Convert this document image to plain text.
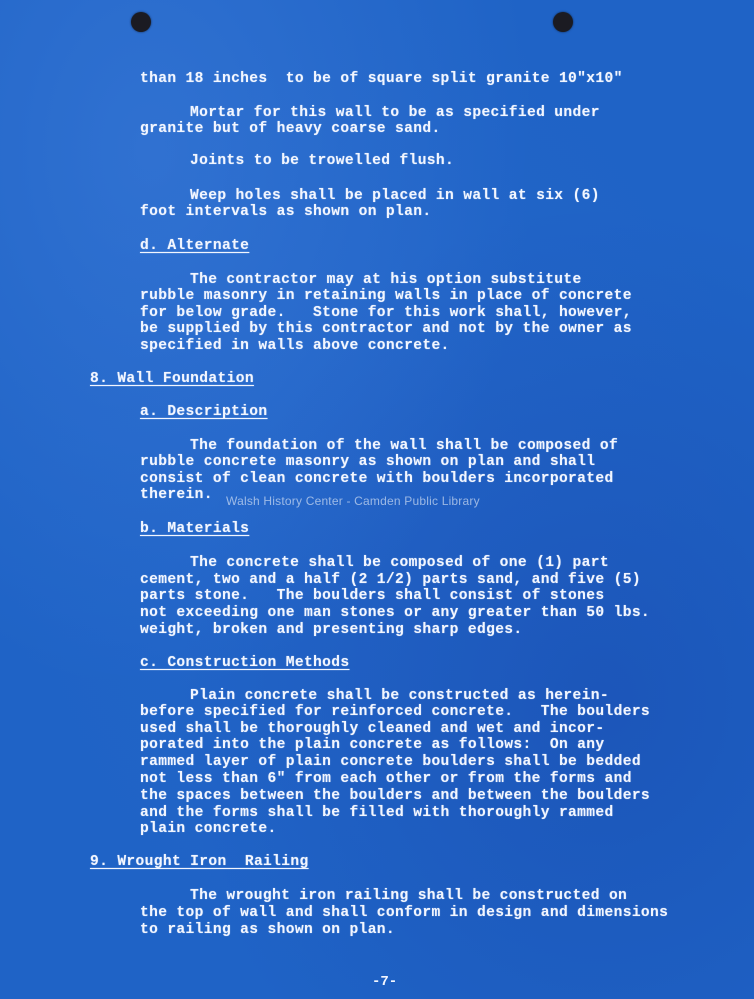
than 18 inches  to be of square split granite 10"x10"
Mortar for this wall to be as specified under
granite but of heavy coarse sand.
Joints to be trowelled flush.
Weep holes shall be placed in wall at six (6)
foot intervals as shown on plan.
d. Alternate
The contractor may at his option substitute
rubble masonry in retaining walls in place of concrete
for below grade.   Stone for this work shall, however,
be supplied by this contractor and not by the owner as
specified in walls above concrete.
8. Wall Foundation
a. Description
The foundation of the wall shall be composed of
rubble concrete masonry as shown on plan and shall
consist of clean concrete with boulders incorporated
therein.
b. Materials
The concrete shall be composed of one (1) part
cement, two and a half (2 1/2) parts sand, and five (5)
parts stone.   The boulders shall consist of stones
not exceeding one man stones or any greater than 50 lbs.
weight, broken and presenting sharp edges.
c. Construction Methods
Plain concrete shall be constructed as herein-
before specified for reinforced concrete.   The boulders
used shall be thoroughly cleaned and wet and incor-
porated into the plain concrete as follows:  On any
rammed layer of plain concrete boulders shall be bedded
not less than 6" from each other or from the forms and
the spaces between the boulders and between the boulders
and the forms shall be filled with thoroughly rammed
plain concrete.
9. Wrought Iron  Railing
The wrought iron railing shall be constructed on
the top of wall and shall conform in design and dimensions
to railing as shown on plan.
-7-
Walsh History Center - Camden Public Library
